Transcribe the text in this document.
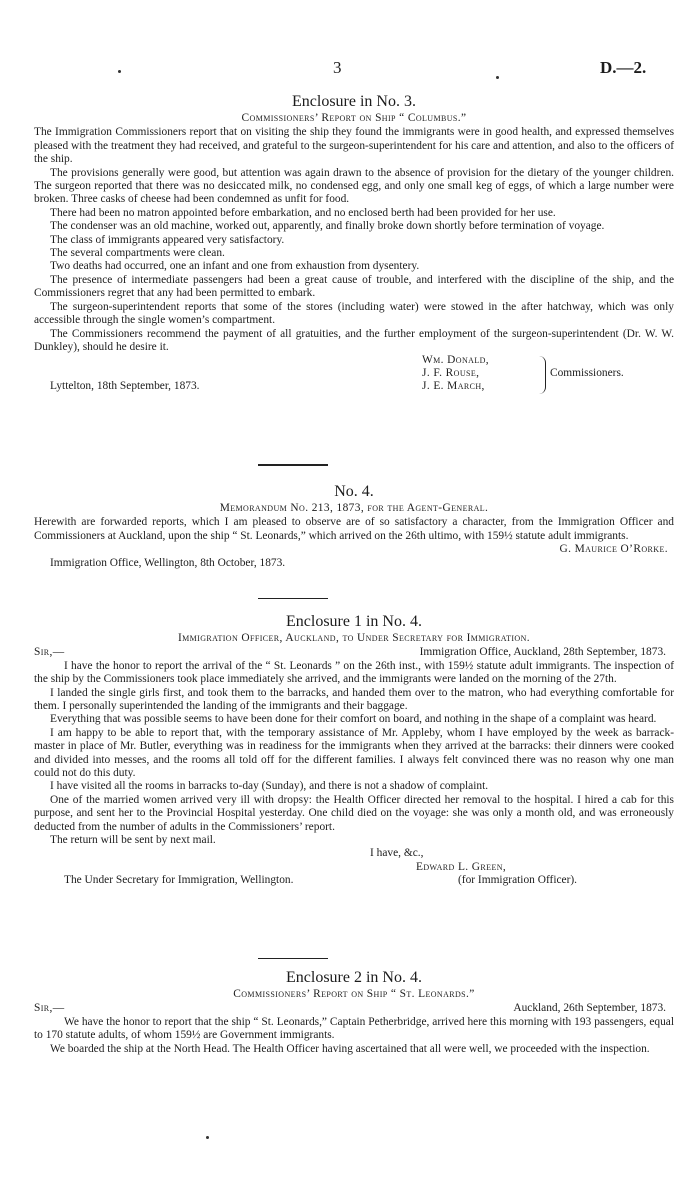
3	D.—2.

Enclosure in No. 3.

Commissioners’ Report on Ship “ Columbus.”

The Immigration Commissioners report that on visiting the ship they found the immigrants were in good health, and expressed themselves pleased with the treatment they had received, and grateful to the surgeon-superintendent for his care and attention, and also to the officers of the ship.

The provisions generally were good, but attention was again drawn to the absence of provision for the dietary of the younger children. The surgeon reported that there was no desiccated milk, no condensed egg, and only one small keg of eggs, of which a large number were broken. Three casks of cheese had been condemned as unfit for food.

There had been no matron appointed before embarkation, and no enclosed berth had been provided for her use.

The condenser was an old machine, worked out, apparently, and finally broke down shortly before termination of voyage.

The class of immigrants appeared very satisfactory.

The several compartments were clean.

Two deaths had occurred, one an infant and one from exhaustion from dysentery.

The presence of intermediate passengers had been a great cause of trouble, and interfered with the discipline of the ship, and the Commissioners regret that any had been permitted to embark.

The surgeon-superintendent reports that some of the stores (including water) were stowed in the after hatchway, which was only accessible through the single women’s compartment.

The Commissioners recommend the payment of all gratuities, and the further employment of the surgeon-superintendent (Dr. W. W. Dunkley), should he desire it.

Wm. Donald,
J. F. Rouse,
J. E. March,
Commissioners.
Lyttelton, 18th September, 1873.

No. 4.

Memorandum No. 213, 1873, for the Agent-General.

Herewith are forwarded reports, which I am pleased to observe are of so satisfactory a character, from the Immigration Officer and Commissioners at Auckland, upon the ship “ St. Leonards,” which arrived on the 26th ultimo, with 159½ statute adult immigrants.

G. Maurice O’Rorke.
Immigration Office, Wellington, 8th October, 1873.

Enclosure 1 in No. 4.

Immigration Officer, Auckland, to Under Secretary for Immigration.

Sir,—	Immigration Office, Auckland, 28th September, 1873.

I have the honor to report the arrival of the “ St. Leonards ” on the 26th inst., with 159½ statute adult immigrants. The inspection of the ship by the Commissioners took place immediately she arrived, and the immigrants were landed on the morning of the 27th.

I landed the single girls first, and took them to the barracks, and handed them over to the matron, who had everything comfortable for them. I personally superintended the landing of the immigrants and their baggage.

Everything that was possible seems to have been done for their comfort on board, and nothing in the shape of a complaint was heard.

I am happy to be able to report that, with the temporary assistance of Mr. Appleby, whom I have employed by the week as barrack-master in place of Mr. Butler, everything was in readiness for the immigrants when they arrived at the barracks: their dinners were cooked and divided into messes, and the rooms all told off for the different families. I always felt convinced there was no reason why one man could not do this duty.

I have visited all the rooms in barracks to-day (Sunday), and there is not a shadow of complaint.

One of the married women arrived very ill with dropsy: the Health Officer directed her removal to the hospital. I hired a cab for this purpose, and sent her to the Provincial Hospital yesterday. One child died on the voyage: she was only a month old, and was erroneously deducted from the number of adults in the Commissioners’ report.

The return will be sent by next mail.

I have, &c.,
Edward L. Green,
The Under Secretary for Immigration, Wellington.	(for Immigration Officer).

Enclosure 2 in No. 4.

Commissioners’ Report on Ship “ St. Leonards.”

Sir,—	Auckland, 26th September, 1873.

We have the honor to report that the ship “ St. Leonards,” Captain Petherbridge, arrived here this morning with 193 passengers, equal to 170 statute adults, of whom 159½ are Government immigrants.

We boarded the ship at the North Head. The Health Officer having ascertained that all were well, we proceeded with the inspection.
